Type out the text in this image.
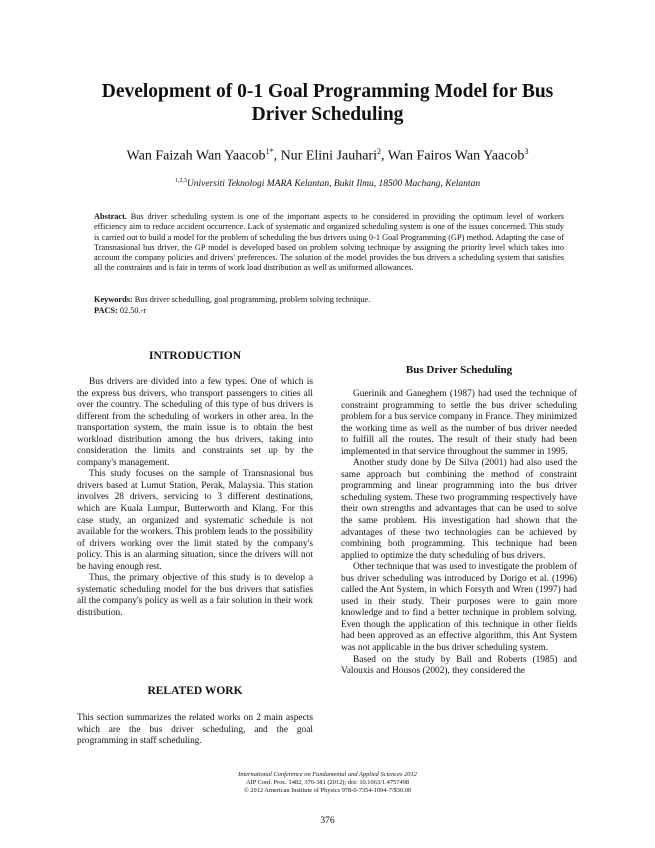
Development of 0-1 Goal Programming Model for Bus
Driver Scheduling
Wan Faizah Wan Yaacob$^{1*}$, Nur Elini Jauhari$^2$, Wan Fairos Wan Yaacob$^3$
$^{1,2,3}$Universiti Teknologi MARA Kelantan, Bukit Ilmu, 18500 Machang, Kelantan
Abstract. Bus driver scheduling system is one of the important aspects to be considered in providing the optimum level of workers efficiency aim to reduce accident occurrence. Lack of systematic and organized scheduling system is one of the issues concerned. This study is carried out to build a model for the problem of scheduling the bus drivers using 0-1 Goal Programming (GP) method. Adapting the case of Transnasional bus driver, the GP model is developed based on problem solving technique by assigning the priority level which takes into account the company policies and drivers' preferences. The solution of the model provides the bus drivers a scheduling system that satisfies all the constraints and is fair in terms of work load distribution as well as uniformed allowances.
Keywords: Bus driver schedulling, goal programming, problem solving technique.
PACS: 02.50.-r
INTRODUCTION

Bus drivers are divided into a few types. One of which is the express bus drivers, who transport passengers to cities all over the country. The scheduling of this type of bus drivers is different from the scheduling of workers in other area. In the transportation system, the main issue is to obtain the best workload distribution among the bus drivers, taking into consideration the limits and constraints set up by the company's management.

This study focuses on the sample of Transnasional bus drivers based at Lumut Station, Perak, Malaysia. This station involves 28 drivers, servicing to 3 different destinations, which are Kuala Lumpur, Butterworth and Klang. For this case study, an organized and systematic schedule is not available for the workers. This problem leads to the possibility of drivers working over the limit stated by the company's policy. This is an alarming situation, since the drivers will not be having enough rest.

Thus, the primary objective of this study is to develop a systematic scheduling model for the bus drivers that satisfies all the company's policy as well as a fair solution in their work distribution.

RELATED WORK

This section summarizes the related works on 2 main aspects which are the bus driver scheduling, and the goal programming in staff scheduling.

Bus Driver Scheduling

Guerinik and Ganeghem (1987) had used the technique of constraint programming to settle the bus driver scheduling problem for a bus service company in France. They minimized the working time as well as the number of bus driver needed to fulfill all the routes. The result of their study had been implemented in that service throughout the summer in 1995.

Another study done by De Silva (2001) had also used the same approach but combining the method of constraint programming and linear programming into the bus driver scheduling system. These two programming respectively have their own strengths and advantages that can be used to solve the same problem. His investigation had shown that the advantages of these two technologies can be achieved by combining both programming. This technique had been applied to optimize the duty scheduling of bus drivers.

Other technique that was used to investigate the problem of bus driver scheduling was introduced by Dorigo et al. (1996) called the Ant System, in which Forsyth and Wren (1997) had used in their study. Their purposes were to gain more knowledge and to find a better technique in problem solving. Even though the application of this technique in other fields had been approved as an effective algorithm, this Ant System was not applicable in the bus driver scheduling system.

Based on the study by Ball and Roberts (1985) and Valouxis and Housos (2002), they considered the

International Conference on Fundamental and Applied Sciences 2012
AIP Conf. Proc. 1482, 376-381 (2012); doi: 10.1063/1.4757498
© 2012 American Institute of Physics 978-0-7354-1094-7/$30.00
376
